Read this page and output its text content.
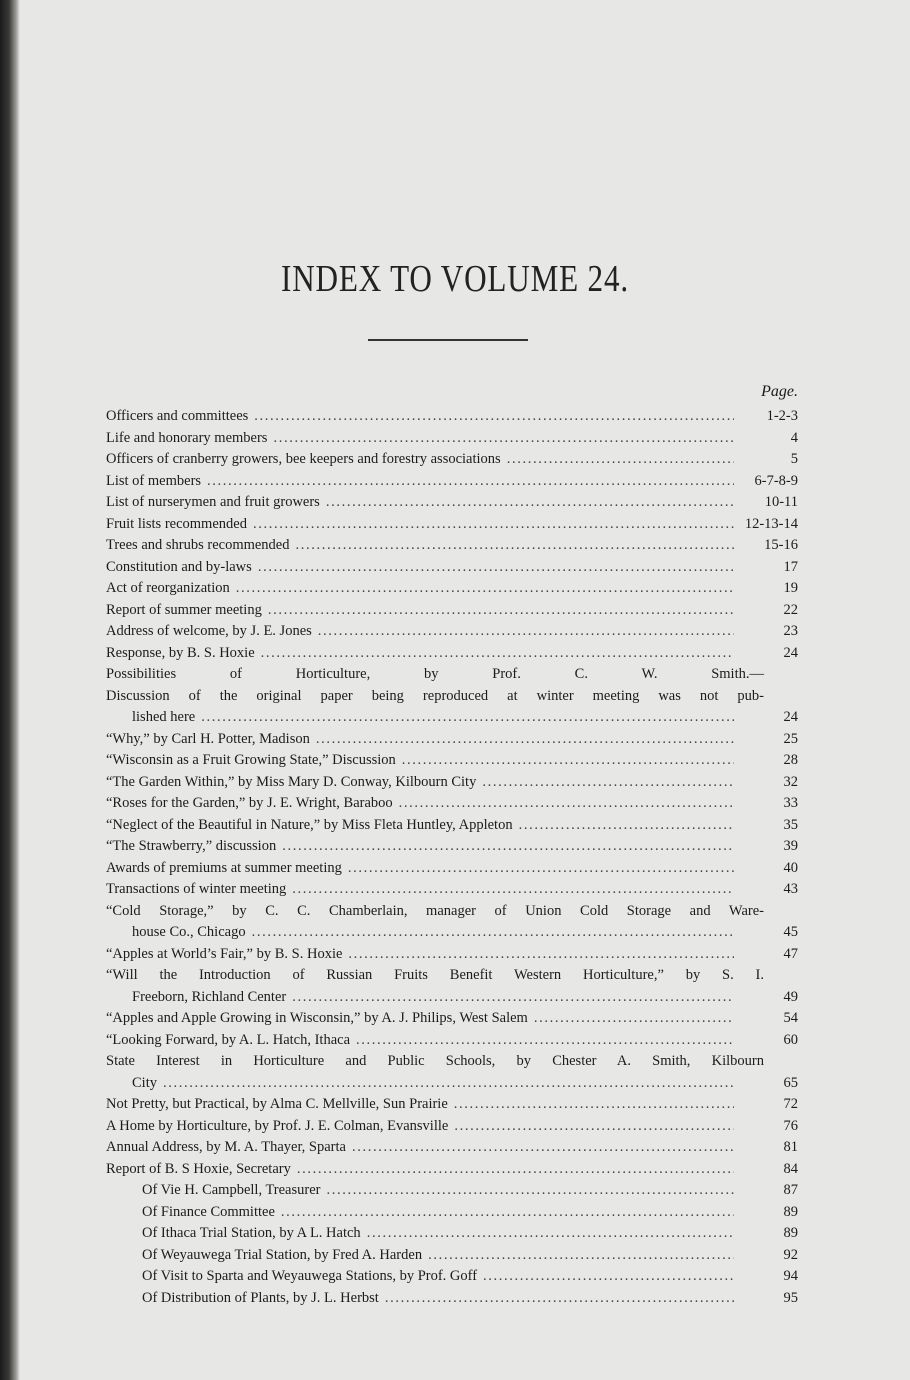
INDEX TO VOLUME 24.
Page.
Officers and committees . . .	1-2-3
Life and honorary members . . .	4
Officers of cranberry growers, bee keepers and forestry associations . . .	5
List of members . . .	6-7-8-9
List of nurserymen and fruit growers . . .	10-11
Fruit lists recommended . . .	12-13-14
Trees and shrubs recommended . . .	15-16
Constitution and by-laws . . .	17
Act of reorganization . . .	19
Report of summer meeting . . .	22
Address of welcome, by J. E. Jones . . .	23
Response, by B. S. Hoxie . . .	24
Possibilities of Horticulture, by Prof. C. W. Smith.—
Discussion of the original paper being reproduced at winter meeting was not pub-
lished here . . .	24
“Why,” by Carl H. Potter, Madison . . .	25
“Wisconsin as a Fruit Growing State,” Discussion . . .	28
“The Garden Within,” by Miss Mary D. Conway, Kilbourn City . . .	32
“Roses for the Garden,” by J. E. Wright, Baraboo . . .	33
“Neglect of the Beautiful in Nature,” by Miss Fleta Huntley, Appleton . . .	35
“The Strawberry,” discussion . . .	39
Awards of premiums at summer meeting . . .	40
Transactions of winter meeting . . .	43
“Cold Storage,” by C. C. Chamberlain, manager of Union Cold Storage and Ware-
house Co., Chicago . . .	45
“Apples at World’s Fair,” by B. S. Hoxie . . .	47
“Will the Introduction of Russian Fruits Benefit Western Horticulture,” by S. I.
Freeborn, Richland Center . . .	49
“Apples and Apple Growing in Wisconsin,” by A. J. Philips, West Salem . . .	54
“Looking Forward, by A. L. Hatch, Ithaca . . .	60
State Interest in Horticulture and Public Schools, by Chester A. Smith, Kilbourn
City . . .	65
Not Pretty, but Practical, by Alma C. Mellville, Sun Prairie . . .	72
A Home by Horticulture, by Prof. J. E. Colman, Evansville . . .	76
Annual Address, by M. A. Thayer, Sparta . . .	81
Report of B. S Hoxie, Secretary . . .	84
Of Vie H. Campbell, Treasurer . . .	87
Of Finance Committee . . .	89
Of Ithaca Trial Station, by A L. Hatch . . .	89
Of Weyauwega Trial Station, by Fred A. Harden . . .	92
Of Visit to Sparta and Weyauwega Stations, by Prof. Goff . . .	94
Of Distribution of Plants, by J. L. Herbst . . .	95
